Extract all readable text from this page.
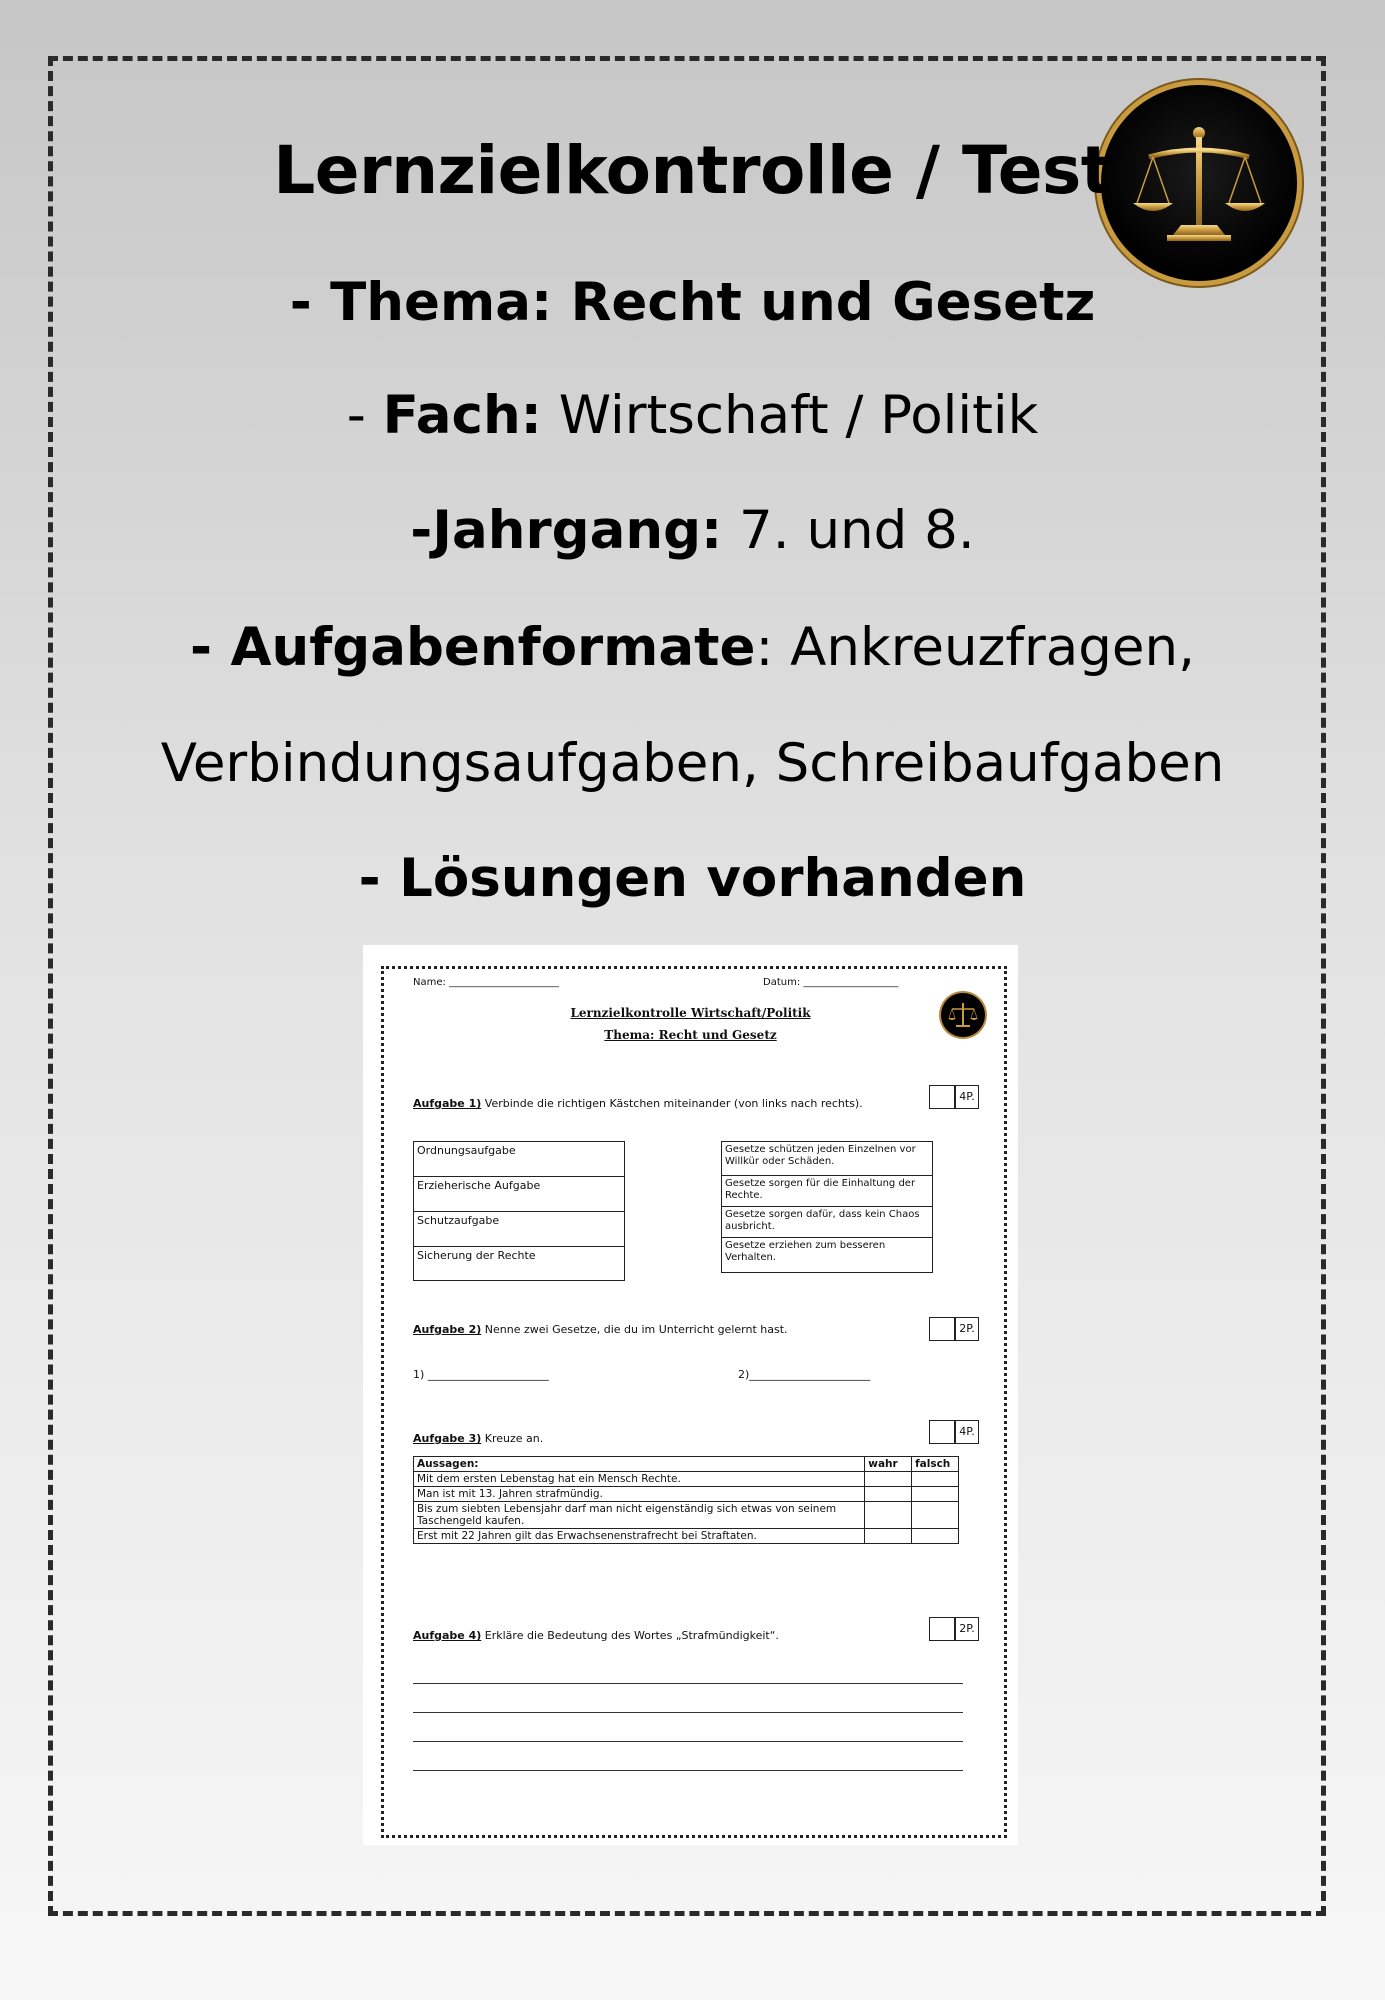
Lernzielkontrolle / Test
- Thema: Recht und Gesetz
- Fach: Wirtschaft / Politik
-Jahrgang: 7. und 8.
- Aufgabenformate: Ankreuzfragen,
Verbindungsaufgaben, Schreibaufgaben
- Lösungen vorhanden
Name: ______________________	Datum: ___________________
Lernzielkontrolle Wirtschaft/Politik
Thema: Recht und Gesetz
Aufgabe 1) Verbinde die richtigen Kästchen miteinander (von links nach rechts).
4P.
Ordnungsaufgabe
Erzieherische Aufgabe
Schutzaufgabe
Sicherung der Rechte
Gesetze schützen jeden Einzelnen vor Willkür oder Schäden.
Gesetze sorgen für die Einhaltung der Rechte.
Gesetze sorgen dafür, dass kein Chaos ausbricht.
Gesetze erziehen zum besseren Verhalten.
Aufgabe 2) Nenne zwei Gesetze, die du im Unterricht gelernt hast.	2P.
1) ______________________	2)______________________
4P.
Aufgabe 3) Kreuze an.
Aussagen:	wahr	falsch
Mit dem ersten Lebenstag hat ein Mensch Rechte.		
Man ist mit 13. Jahren strafmündig.		
Bis zum siebten Lebensjahr darf man nicht eigenständig sich etwas von seinem Taschengeld kaufen.		
Erst mit 22 Jahren gilt das Erwachsenenstrafrecht bei Straftaten.		
2P.
Aufgabe 4) Erkläre die Bedeutung des Wortes „Strafmündigkeit“.
